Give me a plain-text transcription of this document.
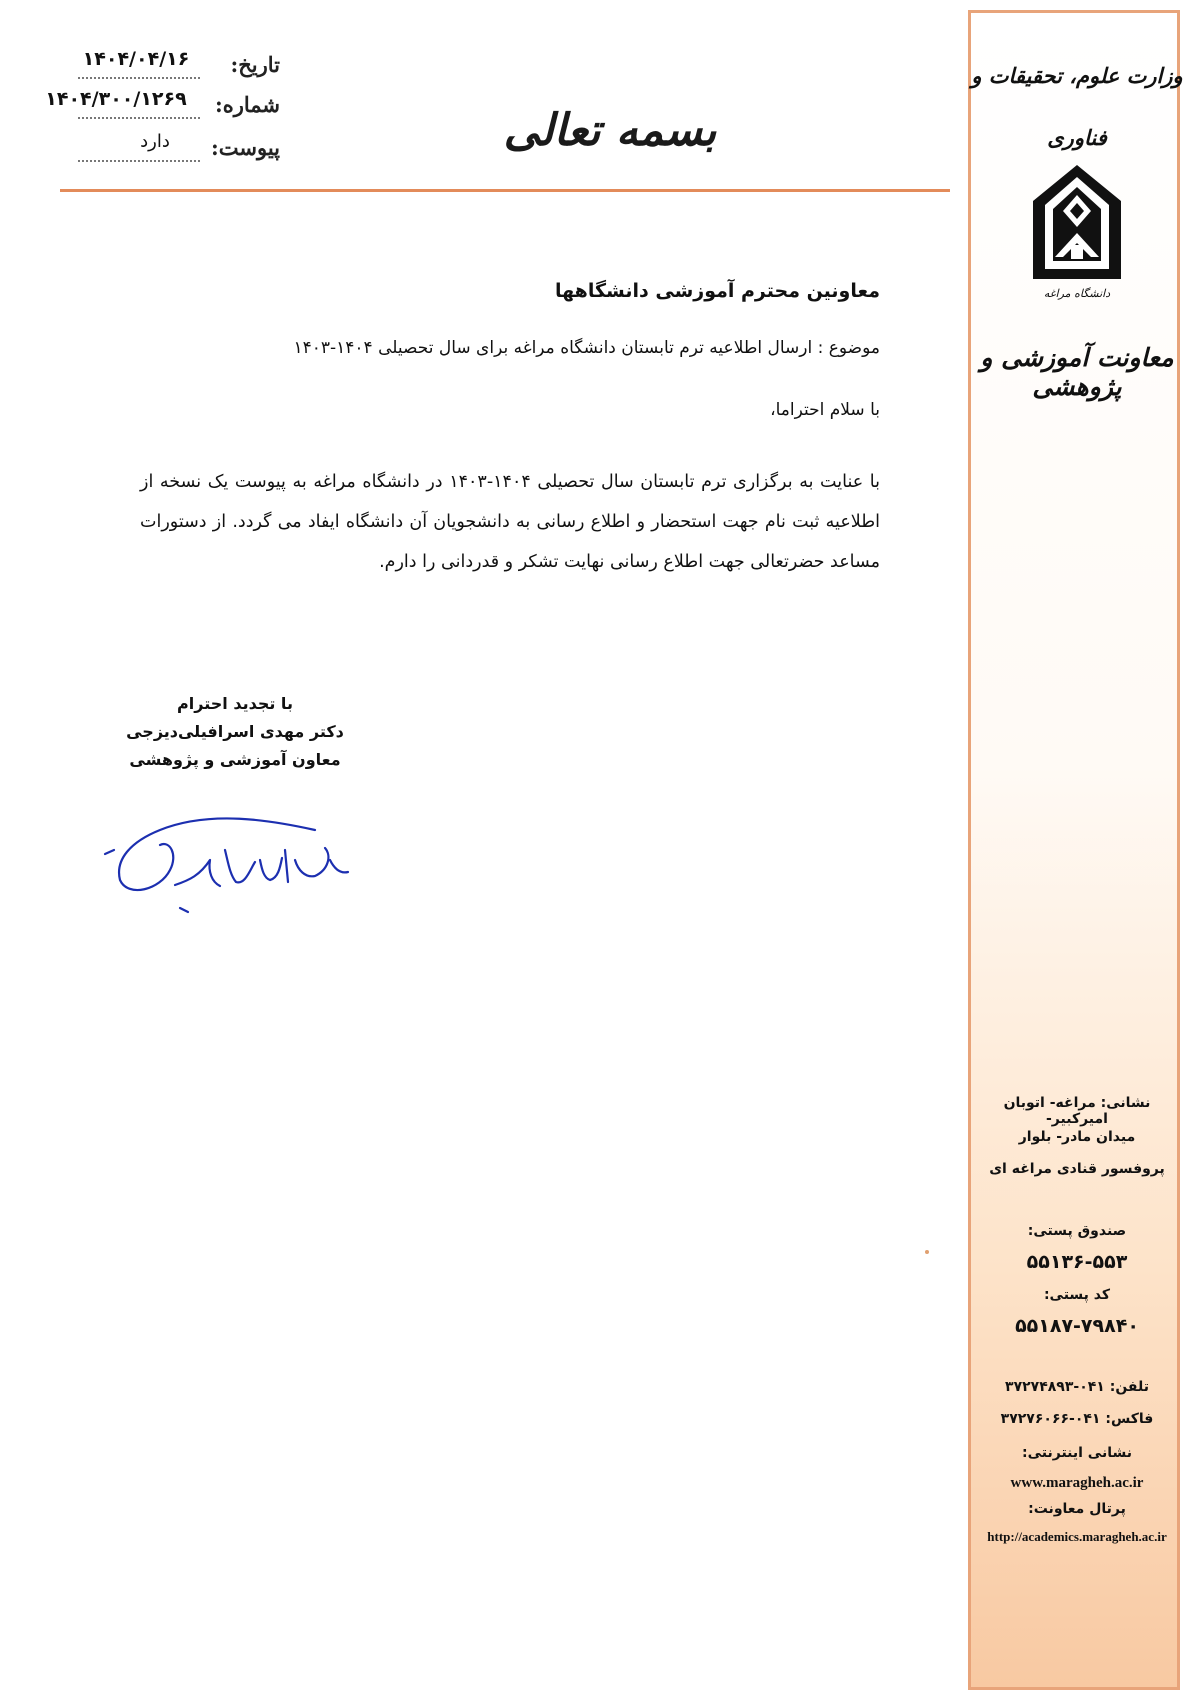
تاریخ:
۱۴۰۴/۰۴/۱۶
شماره:
۱۴۰۴/۳۰۰/۱۲۶۹
پیوست:
دارد	بسمه تعالی
وزارت علوم، تحقیقات و
فناوری
دانشگاه مراغه
معاونت آموزشی و پژوهشی
نشانی: مراغه- اتوبان امیرکبیر-
میدان مادر- بلوار
پروفسور قنادی مراغه ای
صندوق پستی:
۵۵۱۳۶-۵۵۳
کد پستی:
۵۵۱۸۷-۷۹۸۴۰
تلفن: ۰۴۱-۳۷۲۷۴۸۹۳
فاکس: ۰۴۱-۳۷۲۷۶۰۶۶
نشانی اینترنتی:
www.maragheh.ac.ir
پرتال معاونت:
http://academics.maragheh.ac.ir
معاونین محترم آموزشی دانشگاهها
موضوع : ارسال اطلاعیه ترم تابستان دانشگاه مراغه برای سال تحصیلی ۱۴۰۴-۱۴۰۳
با سلام احتراما،
با عنایت به برگزاری ترم تابستان سال تحصیلی ۱۴۰۴-۱۴۰۳ در دانشگاه مراغه به پیوست یک نسخه از اطلاعیه ثبت نام جهت استحضار و اطلاع رسانی به دانشجویان آن دانشگاه ایفاد می گردد. از دستورات مساعد حضرتعالی جهت اطلاع رسانی نهایت تشکر و قدردانی را دارم.
با تجدید احترام
دکتر مهدی اسرافیلی‌دیزجی
معاون آموزشی و پژوهشی
